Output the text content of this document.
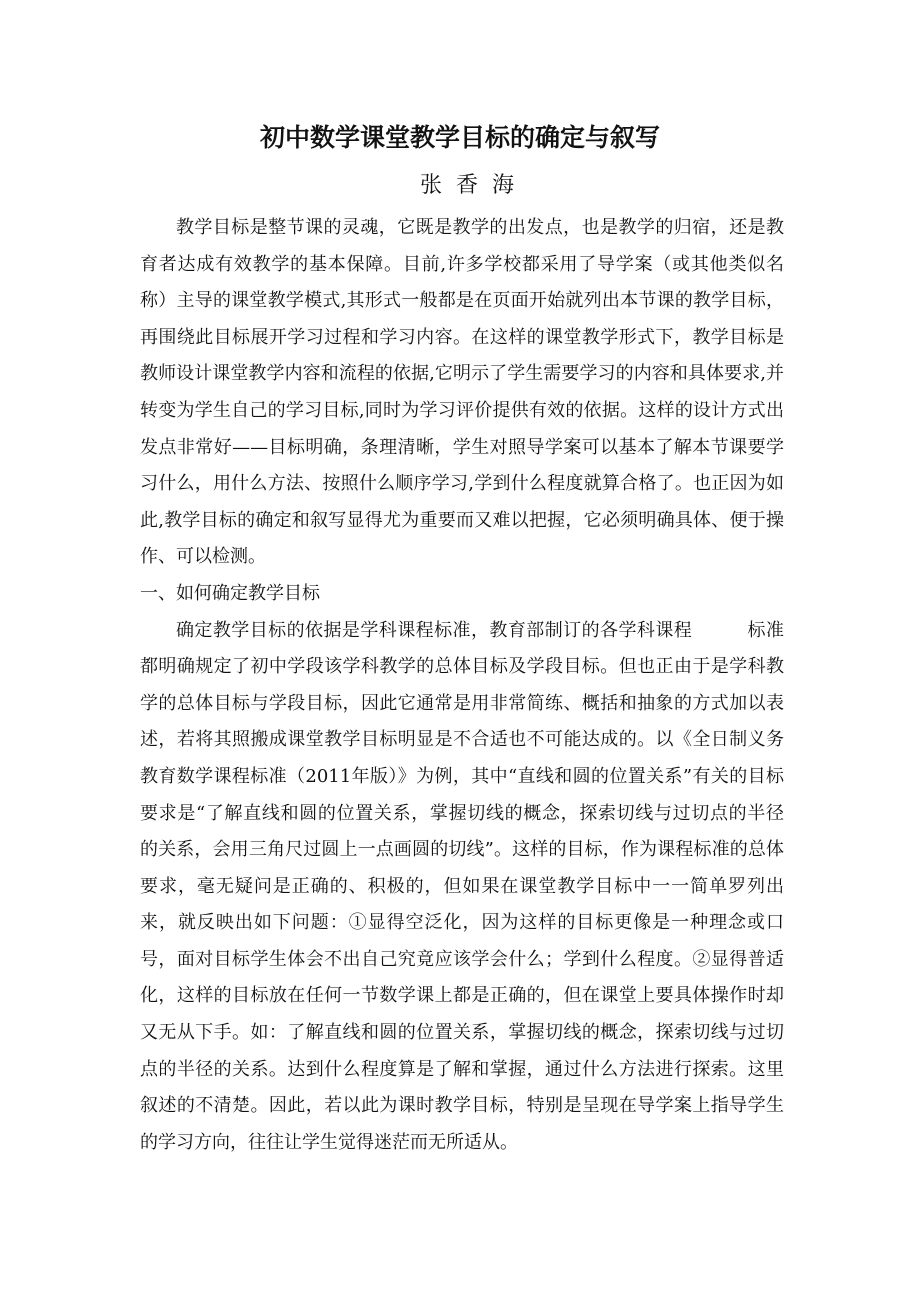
初中数学课堂教学目标的确定与叙写

张香海

教学目标是整节课的灵魂，它既是教学的出发点，也是教学的归宿，还是教育者达成有效教学的基本保障。目前,许多学校都采用了导学案（或其他类似名称）主导的课堂教学模式,其形式一般都是在页面开始就列出本节课的教学目标，再围绕此目标展开学习过程和学习内容。在这样的课堂教学形式下，教学目标是教师设计课堂教学内容和流程的依据,它明示了学生需要学习的内容和具体要求,并转变为学生自己的学习目标,同时为学习评价提供有效的依据。这样的设计方式出发点非常好——目标明确，条理清晰，学生对照导学案可以基本了解本节课要学习什么，用什么方法、按照什么顺序学习,学到什么程度就算合格了。也正因为如此,教学目标的确定和叙写显得尤为重要而又难以把握，它必须明确具体、便于操作、可以检测。

一、如何确定教学目标

确定教学目标的依据是学科课程标准，教育部制订的各学科课程　　　标准都明确规定了初中学段该学科教学的总体目标及学段目标。但也正由于是学科教学的总体目标与学段目标，因此它通常是用非常简练、概括和抽象的方式加以表述，若将其照搬成课堂教学目标明显是不合适也不可能达成的。以《全日制义务教育数学课程标准（2011年版）》为例，其中“直线和圆的位置关系”有关的目标要求是“了解直线和圆的位置关系，掌握切线的概念，探索切线与过切点的半径　　的关系，会用三角尺过圆上一点画圆的切线”。这样的目标，作为课程标准的总体要求，毫无疑问是正确的、积极的，但如果在课堂教学目标中一一简单罗列出来，就反映出如下问题：①显得空泛化，因为这样的目标更像是一种理念或口号，面对目标学生体会不出自己究竟应该学会什么；学到什么程度。②显得普适化，这样的目标放在任何一节数学课上都是正确的，但在课堂上要具体操作时却又无从下手。如：了解直线和圆的位置关系，掌握切线的概念，探索切线与过切点的半径的关系。达到什么程度算是了解和掌握，通过什么方法进行探索。这里叙述的不清楚。因此，若以此为课时教学目标，特别是呈现在导学案上指导学生的学习方向，往往让学生觉得迷茫而无所适从。
